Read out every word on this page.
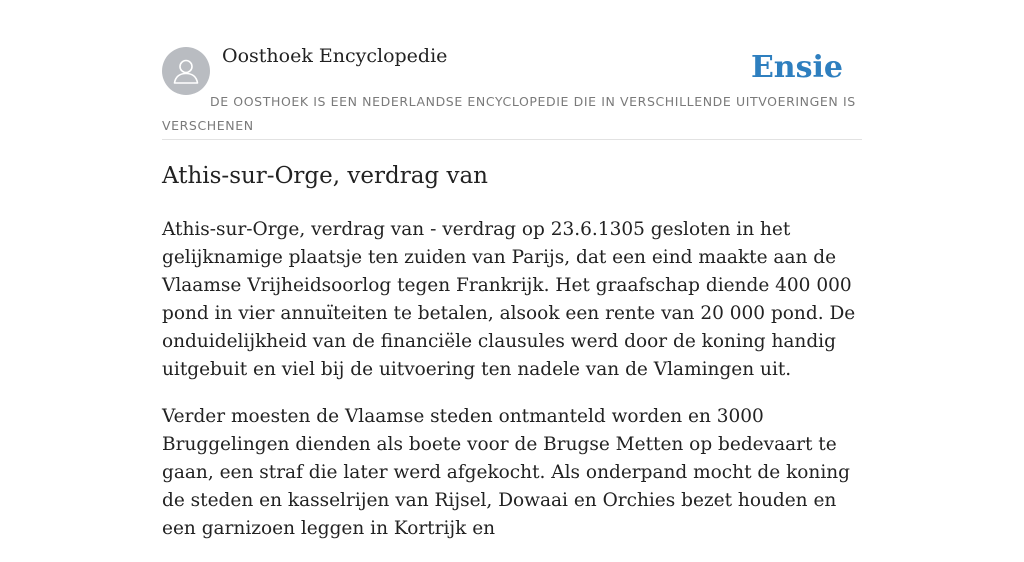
Oosthoek Encyclopedie	Ensie

DE OOSTHOEK IS EEN NEDERLANDSE ENCYCLOPEDIE DIE IN VERSCHILLENDE UITVOERINGEN IS VERSCHENEN

Athis-sur-Orge, verdrag van

Athis-sur-Orge, verdrag van - verdrag op 23.6.1305 gesloten in het gelijknamige plaatsje ten zuiden van Parijs, dat een eind maakte aan de Vlaamse Vrijheidsoorlog tegen Frankrijk. Het graafschap diende 400 000 pond in vier annuïteiten te betalen, alsook een rente van 20 000 pond. De onduidelijkheid van de financiële clausules werd door de koning handig uitgebuit en viel bij de uitvoering ten nadele van de Vlamingen uit.

Verder moesten de Vlaamse steden ontmanteld worden en 3000 Bruggelingen dienden als boete voor de Brugse Metten op bedevaart te gaan, een straf die later werd afgekocht. Als onderpand mocht de koning de steden en kasselrijen van Rijsel, Dowaai en Orchies bezet houden en een garnizoen leggen in Kortrijk en
